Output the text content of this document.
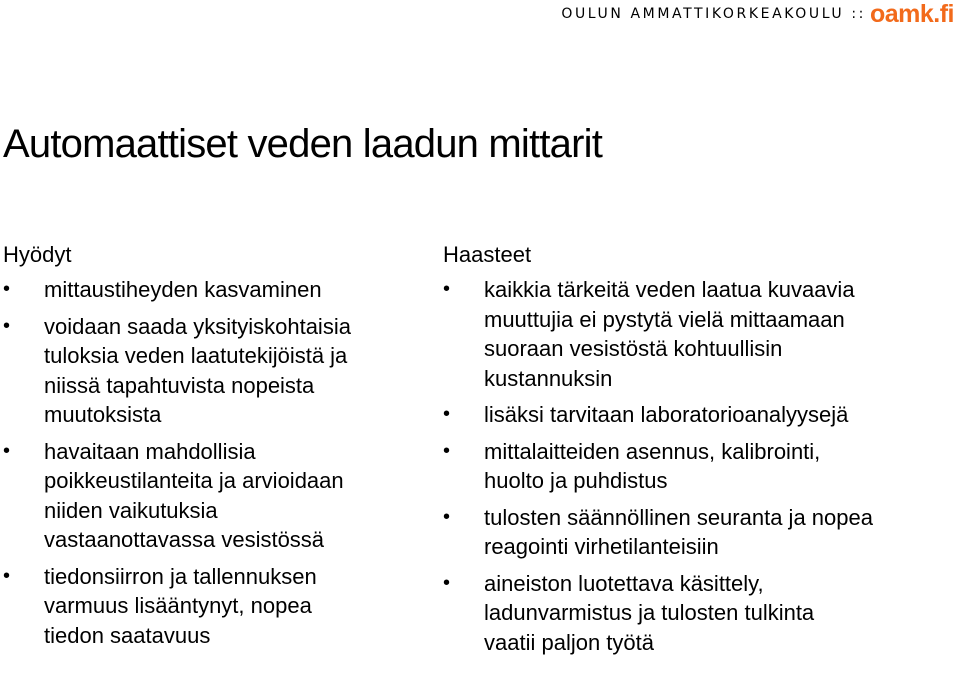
OULUN AMMATTIKORKEAKOULU :: oamk.fi
Automaattiset veden laadun mittarit
Hyödyt
• mittaustiheyden kasvaminen
• voidaan saada yksityiskohtaisia
tuloksia veden laatutekijöistä ja
niissä tapahtuvista nopeista
muutoksista
• havaitaan mahdollisia
poikkeustilanteita ja arvioidaan
niiden vaikutuksia
vastaanottavassa vesistössä
• tiedonsiirron ja tallennuksen
varmuus lisääntynyt, nopea
tiedon saatavuus
Haasteet
• kaikkia tärkeitä veden laatua kuvaavia
muuttujia ei pystytä vielä mittaamaan
suoraan vesistöstä kohtuullisin
kustannuksin
• lisäksi tarvitaan laboratorioanalyysejä
• mittalaitteiden asennus, kalibrointi,
huolto ja puhdistus
• tulosten säännöllinen seuranta ja nopea
reagointi virhetilanteisiin
• aineiston luotettava käsittely,
ladunvarmistus ja tulosten tulkinta
vaatii paljon työtä
